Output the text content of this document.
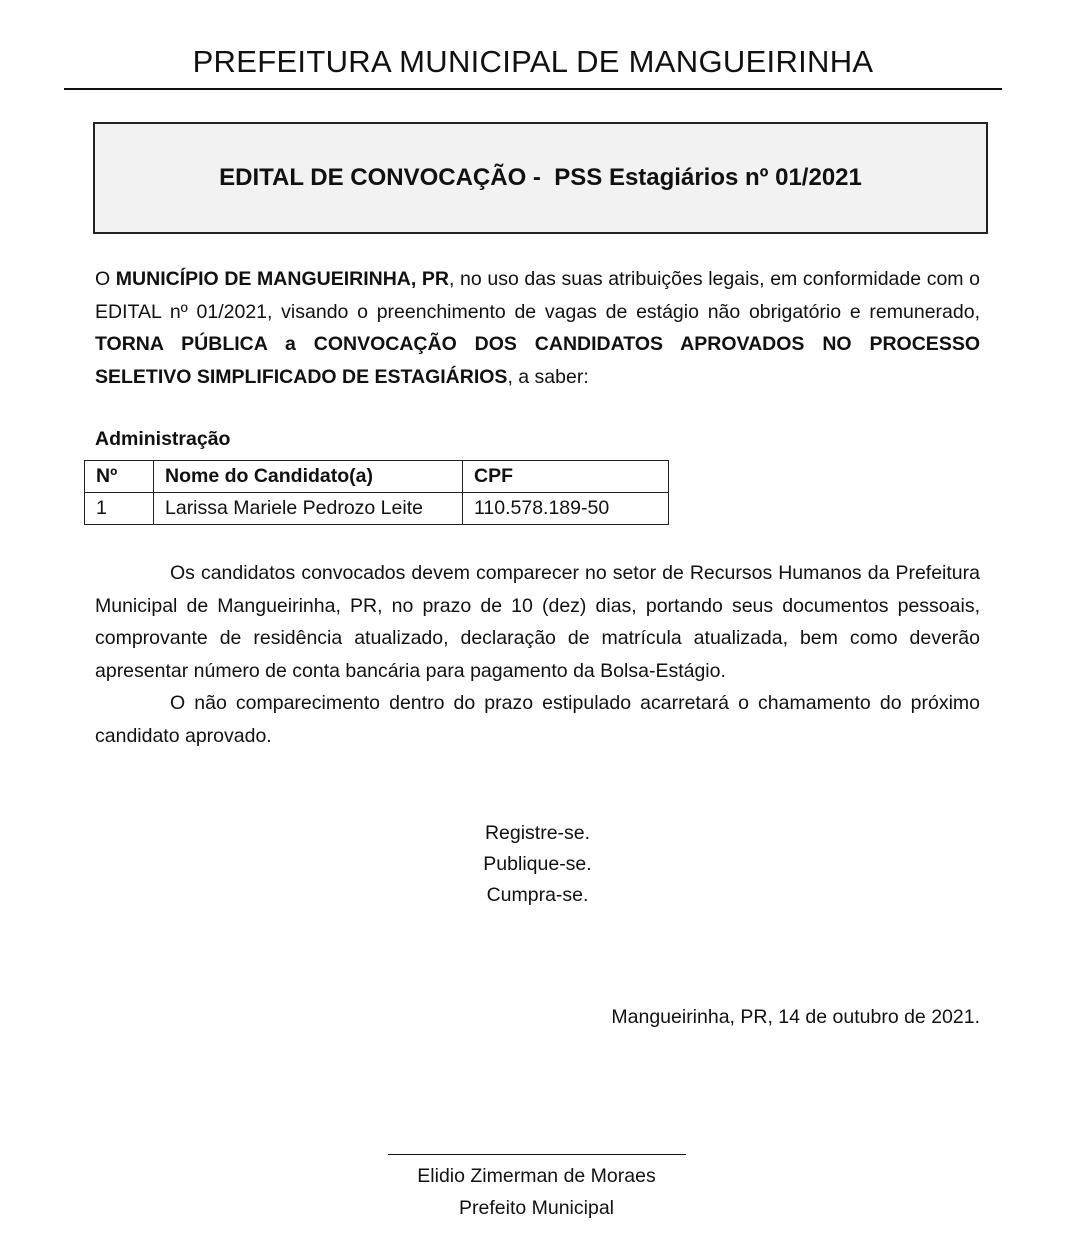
PREFEITURA MUNICIPAL DE MANGUEIRINHA
EDITAL DE CONVOCAÇÃO -  PSS Estagiários nº 01/2021

O MUNICÍPIO DE MANGUEIRINHA, PR, no uso das suas atribuições legais, em conformidade com o EDITAL nº 01/2021, visando o preenchimento de vagas de estágio não obrigatório e remunerado, TORNA PÚBLICA a CONVOCAÇÃO DOS CANDIDATOS APROVADOS NO PROCESSO SELETIVO SIMPLIFICADO DE ESTAGIÁRIOS, a saber:

Administração
Nº	Nome do Candidato(a)	CPF
1	Larissa Mariele Pedrozo Leite	110.578.189-50

Os candidatos convocados devem comparecer no setor de Recursos Humanos da Prefeitura Municipal de Mangueirinha, PR, no prazo de 10 (dez) dias, portando seus documentos pessoais, comprovante de residência atualizado, declaração de matrícula atualizada, bem como deverão apresentar número de conta bancária para pagamento da Bolsa-Estágio.

O não comparecimento dentro do prazo estipulado acarretará o chamamento do próximo candidato aprovado.

Registre-se.
Publique-se.
Cumpra-se.
Mangueirinha, PR, 14 de outubro de 2021.
Elidio Zimerman de Moraes
Prefeito Municipal
